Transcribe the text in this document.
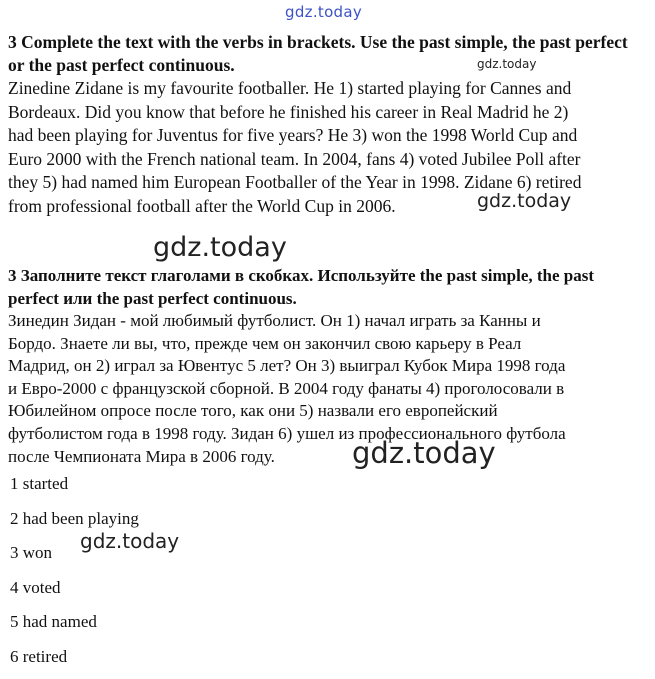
gdz.today
gdz.today

3 Complete the text with the verbs in brackets. Use the past simple, the past perfect or the past perfect continuous.

Zinedine Zidane is my favourite footballer. He 1) started playing for Cannes and

Bordeaux. Did you know that before he finished his career in Real Madrid he 2)

had been playing for Juventus for five years? He 3) won the 1998 World Cup and

Euro 2000 with the French national team. In 2004, fans 4) voted Jubilee Poll after

they 5) had named him European Footballer of the Year in 1998. Zidane 6) retired

from professional football after the World Cup in 2006.	gdz.today
gdz.today

3 Заполните текст глаголами в скобках. Используйте the past simple, the past perfect или the past perfect continuous.

Зинедин Зидан - мой любимый футболист. Он 1) начал играть за Канны и

Бордо. Знаете ли вы, что, прежде чем он закончил свою карьеру в Реал

Мадрид, он 2) играл за Ювентус 5 лет? Он 3) выиграл Кубок Мира 1998 года

и Евро-2000 с французской сборной. В 2004 году фанаты 4) проголосовали в

Юбилейном опросе после того, как они 5) назвали его европейский

футболистом года в 1998 году. Зидан 6) ушел из профессионального футбола

после Чемпионата Мира в 2006 году.	gdz.today
1 started
2 had been playing
3 won gdz.today
4 voted
5 had named
6 retired
